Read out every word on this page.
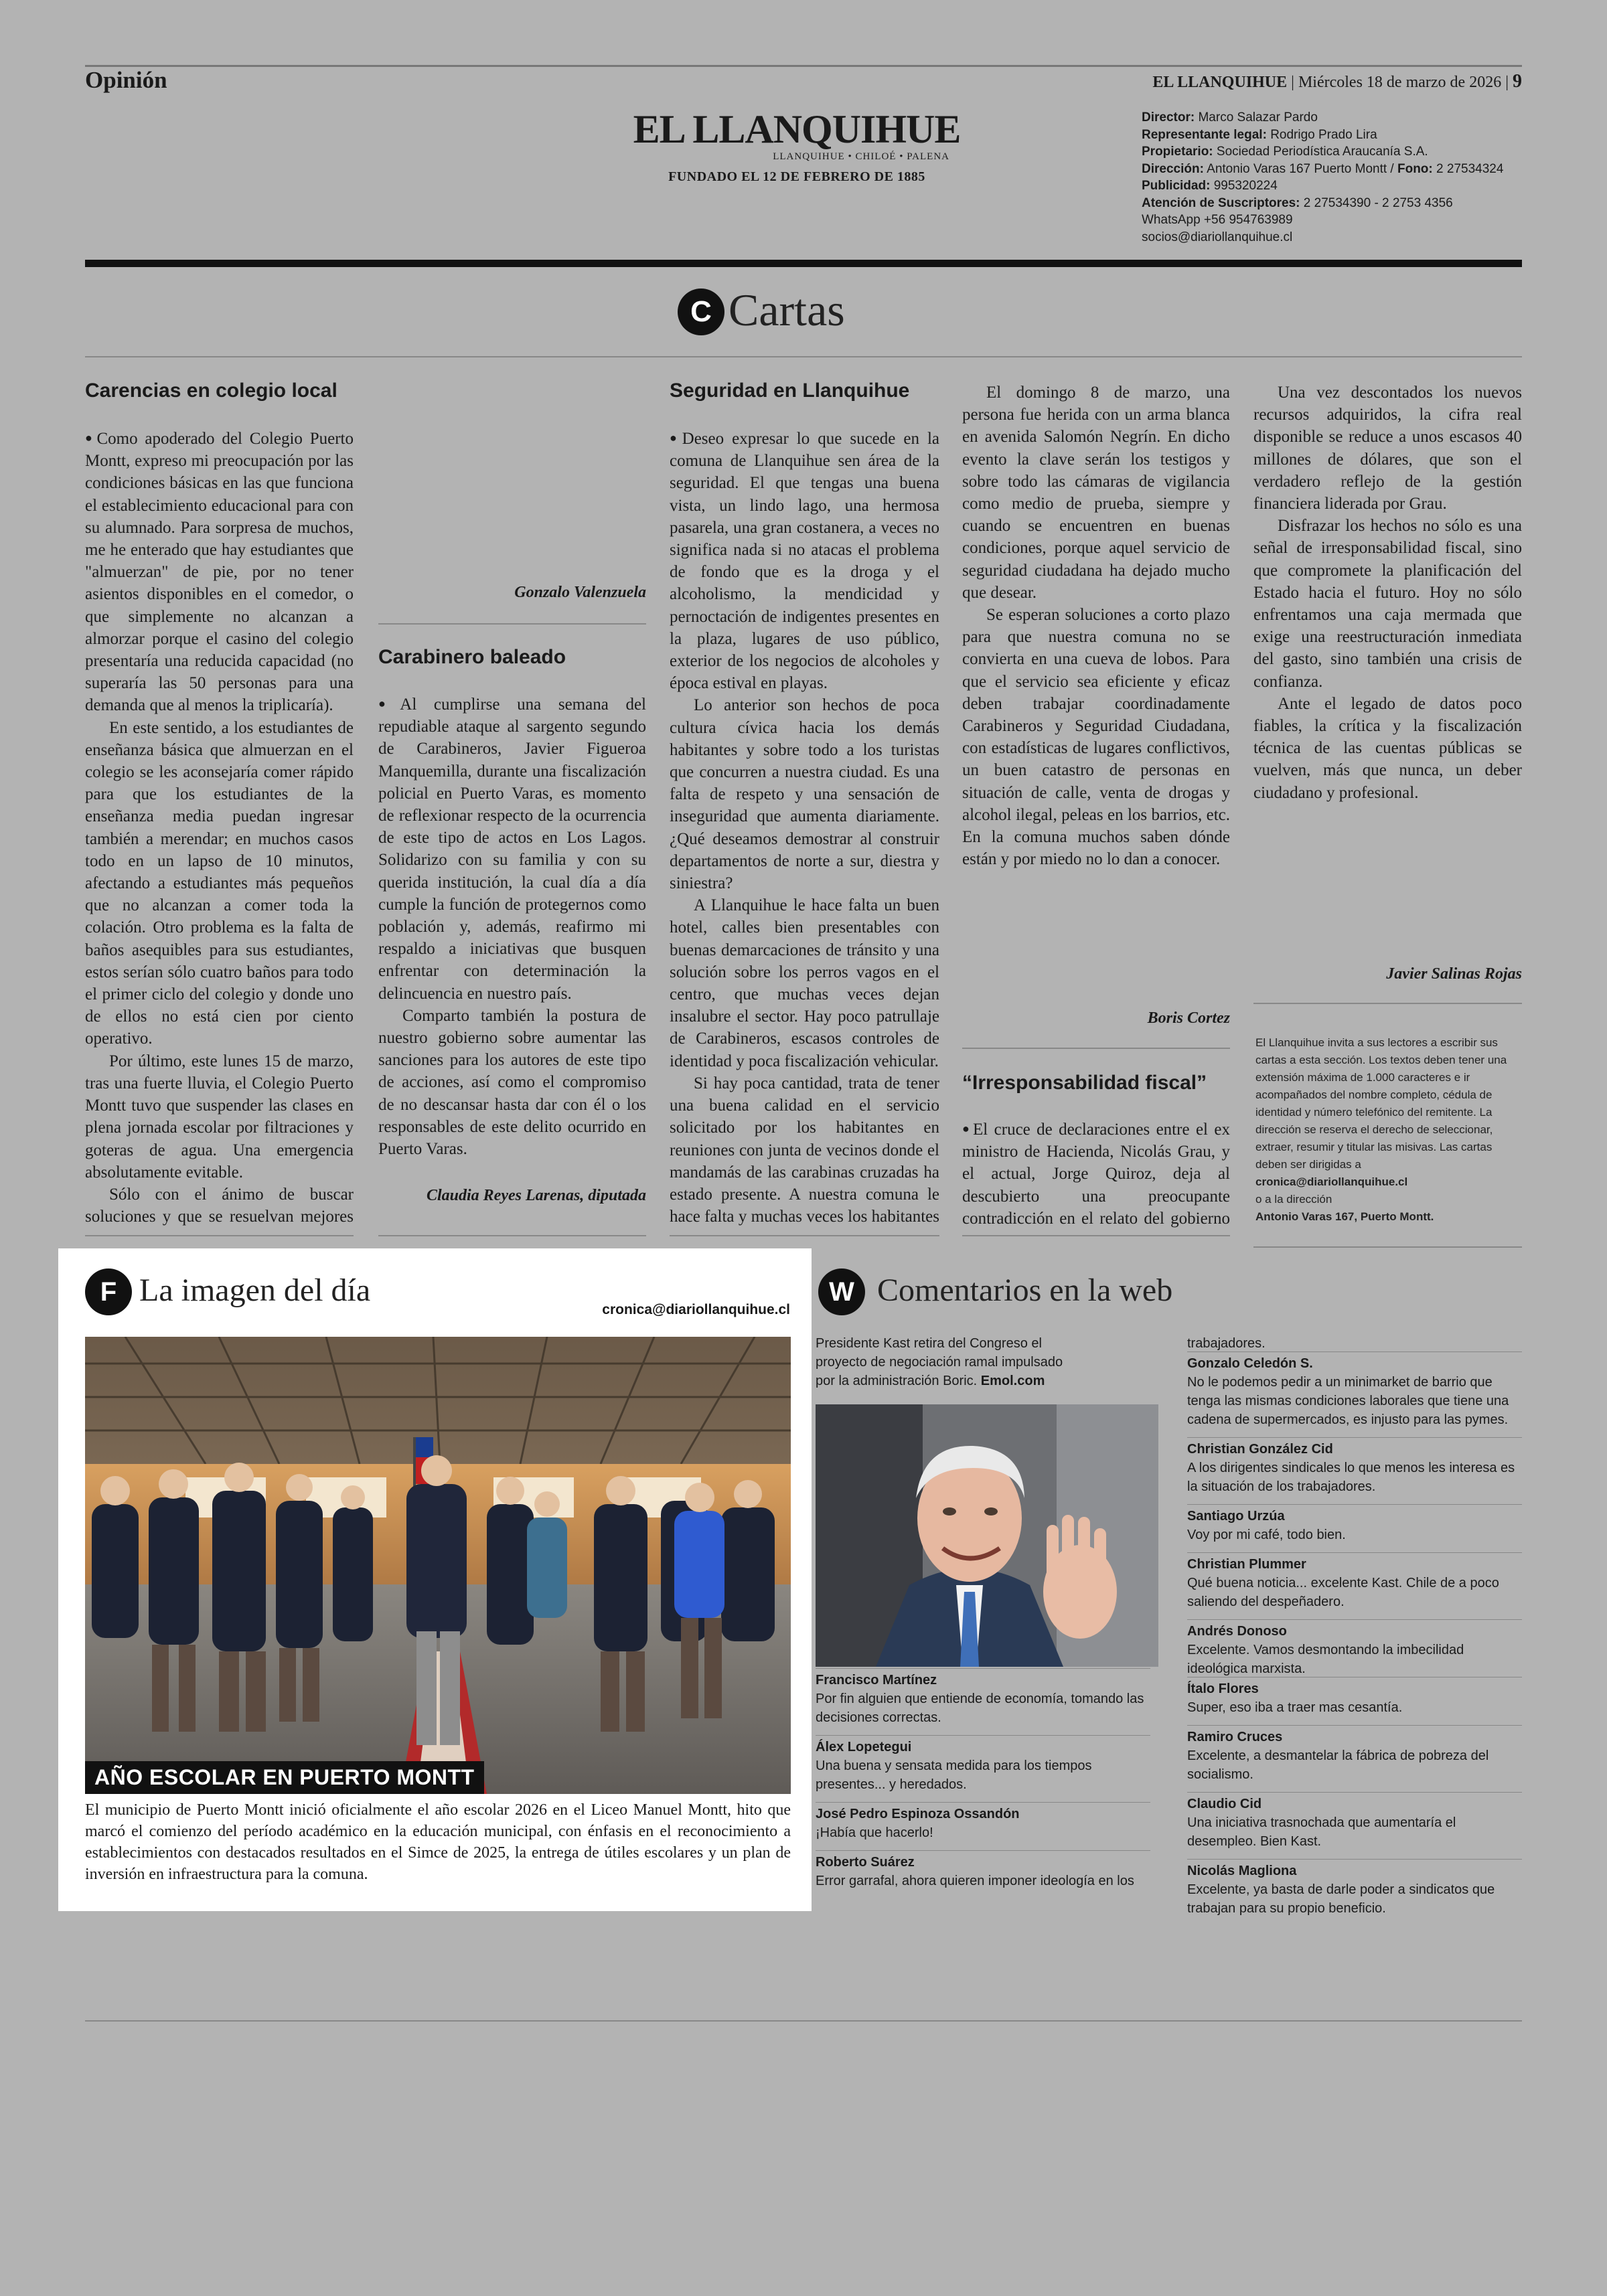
Opinión	EL LLANQUIHUE | Miércoles 18 de marzo de 2026 | 9
EL LLANQUIHUE
LLANQUIHUE • CHILOÉ • PALENA
FUNDADO EL 12 DE FEBRERO DE 1885
Director: Marco Salazar Pardo
Representante legal: Rodrigo Prado Lira
Propietario: Sociedad Periodística Araucanía S.A.
Dirección: Antonio Varas 167 Puerto Montt / Fono: 2 27534324
Publicidad: 995320224
Atención de Suscriptores: 2 27534390 - 2 2753 4356
WhatsApp +56 954763989
socios@diariollanquihue.cl
C Cartas
Carencias en colegio local

● Como apoderado del Colegio Puerto Montt, expreso mi preocupación por las condiciones básicas en las que funciona el establecimiento educacional para con su alumnado. Para sorpresa de muchos, me he enterado que hay estudiantes que "almuerzan" de pie, por no tener asientos disponibles en el comedor, o que simplemente no alcanzan a almorzar porque el casino del colegio presentaría una reducida capacidad (no superaría las 50 personas para una demanda que al menos la triplicaría).

En este sentido, a los estudiantes de enseñanza básica que almuerzan en el colegio se les aconsejaría comer rápido para que los estudiantes de la enseñanza media puedan ingresar también a merendar; en muchos casos todo en un lapso de 10 minutos, afectando a estudiantes más pequeños que no alcanzan a comer toda la colación. Otro problema es la falta de baños asequibles para sus estudiantes, estos serían sólo cuatro baños para todo el primer ciclo del colegio y donde uno de ellos no está cien por ciento operativo.

Por último, este lunes 15 de marzo, tras una fuerte lluvia, el Colegio Puerto Montt tuvo que suspender las clases en plena jornada escolar por filtraciones y goteras de agua. Una emergencia absolutamente evitable.

Sólo con el ánimo de buscar soluciones y que se resuelvan mejores

Gonzalo Valenzuela
Carabinero baleado

● Al cumplirse una semana del repudiable ataque al sargento segundo de Carabineros, Javier Figueroa Manquemilla, durante una fiscalización policial en Puerto Varas, es momento de reflexionar respecto de la ocurrencia de este tipo de actos en Los Lagos. Solidarizo con su familia y con su querida institución, la cual día a día cumple la función de protegernos como población y, además, reafirmo mi respaldo a iniciativas que busquen enfrentar con determinación la delincuencia en nuestro país.

Comparto también la postura de nuestro gobierno sobre aumentar las sanciones para los autores de este tipo de acciones, así como el compromiso de no descansar hasta dar con él o los responsables de este delito ocurrido en Puerto Varas.

Claudia Reyes Larenas, diputada
Seguridad en Llanquihue

● Deseo expresar lo que sucede en la comuna de Llanquihue sen área de la seguridad. El que tengas una buena vista, un lindo lago, una hermosa pasarela, una gran costanera, a veces no significa nada si no atacas el problema de fondo que es la droga y el alcoholismo, la mendicidad y pernoctación de indigentes presentes en la plaza, lugares de uso público, exterior de los negocios de alcoholes y época estival en playas.

Lo anterior son hechos de poca cultura cívica hacia los demás habitantes y sobre todo a los turistas que concurren a nuestra ciudad. Es una falta de respeto y una sensación de inseguridad que aumenta diariamente. ¿Qué deseamos demostrar al construir departamentos de norte a sur, diestra y siniestra?

A Llanquihue le hace falta un buen hotel, calles bien presentables con buenas demarcaciones de tránsito y una solución sobre los perros vagos en el centro, que muchas veces dejan insalubre el sector. Hay poco patrullaje de Carabineros, escasos controles de identidad y poca fiscalización vehicular.

Si hay poca cantidad, trata de tener una buena calidad en el servicio solicitado por los habitantes en reuniones con junta de vecinos donde el mandamás de las carabinas cruzadas ha estado presente. A nuestra comuna le hace falta y muchas veces los habitantes

El domingo 8 de marzo, una persona fue herida con un arma blanca en avenida Salomón Negrín. En dicho evento la clave serán los testigos y sobre todo las cámaras de vigilancia como medio de prueba, siempre y cuando se encuentren en buenas condiciones, porque aquel servicio de seguridad ciudadana ha dejado mucho que desear.

Se esperan soluciones a corto plazo para que nuestra comuna no se convierta en una cueva de lobos. Para que el servicio sea eficiente y eficaz deben trabajar coordinadamente Carabineros y Seguridad Ciudadana, con estadísticas de lugares conflictivos, un buen catastro de personas en situación de calle, venta de drogas y alcohol ilegal, peleas en los barrios, etc. En la comuna muchos saben dónde están y por miedo no lo dan a conocer.

Boris Cortez
“Irresponsabilidad fiscal”

● El cruce de declaraciones entre el ex ministro de Hacienda, Nicolás Grau, y el actual, Jorge Quiroz, deja al descubierto una preocupante contradicción en el relato del gobierno

Una vez descontados los nuevos recursos adquiridos, la cifra real disponible se reduce a unos escasos 40 millones de dólares, que son el verdadero reflejo de la gestión financiera liderada por Grau.

Disfrazar los hechos no sólo es una señal de irresponsabilidad fiscal, sino que compromete la planificación del Estado hacia el futuro. Hoy no sólo enfrentamos una caja mermada que exige una reestructuración inmediata del gasto, sino también una crisis de confianza.

Ante el legado de datos poco fiables, la crítica y la fiscalización técnica de las cuentas públicas se vuelven, más que nunca, un deber ciudadano y profesional.

Javier Salinas Rojas
El Llanquihue invita a sus lectores a escribir sus cartas a esta sección. Los textos deben tener una extensión máxima de 1.000 caracteres e ir acompañados del nombre completo, cédula de identidad y número telefónico del remitente. La dirección se reserva el derecho de seleccionar, extraer, resumir y titular las misivas. Las cartas deben ser dirigidas a
cronica@diariollanquihue.cl
o a la dirección
Antonio Varas 167, Puerto Montt.
F La imagen del día
cronica@diariollanquihue.cl
AÑO ESCOLAR EN PUERTO MONTT
El municipio de Puerto Montt inició oficialmente el año escolar 2026 en el Liceo Manuel Montt, hito que marcó el comienzo del período académico en la educación municipal, con énfasis en el reconocimiento a establecimientos con destacados resultados en el Simce de 2025, la entrega de útiles escolares y un plan de inversión en infraestructura para la comuna.
W Comentarios en la web
Presidente Kast retira del Congreso el proyecto de negociación ramal impulsado por la administración Boric. Emol.com
Francisco Martínez
Por fin alguien que entiende de economía, tomando las decisiones correctas.
Álex Lopetegui
Una buena y sensata medida para los tiempos presentes... y heredados.
José Pedro Espinoza Ossandón
¡Había que hacerlo!
Roberto Suárez
Error garrafal, ahora quieren imponer ideología en los
trabajadores.
Gonzalo Celedón S.
No le podemos pedir a un minimarket de barrio que tenga las mismas condiciones laborales que tiene una cadena de supermercados, es injusto para las pymes.
Christian González Cid
A los dirigentes sindicales lo que menos les interesa es la situación de los trabajadores.
Santiago Urzúa
Voy por mi café, todo bien.
Christian Plummer
Qué buena noticia... excelente Kast. Chile de a poco saliendo del despeñadero.
Andrés Donoso
Excelente. Vamos desmontando la imbecilidad ideológica marxista.
Ítalo Flores
Super, eso iba a traer mas cesantía.
Ramiro Cruces
Excelente, a desmantelar la fábrica de pobreza del socialismo.
Claudio Cid
Una iniciativa trasnochada que aumentaría el desempleo. Bien Kast.
Nicolás Magliona
Excelente, ya basta de darle poder a sindicatos que trabajan para su propio beneficio.
